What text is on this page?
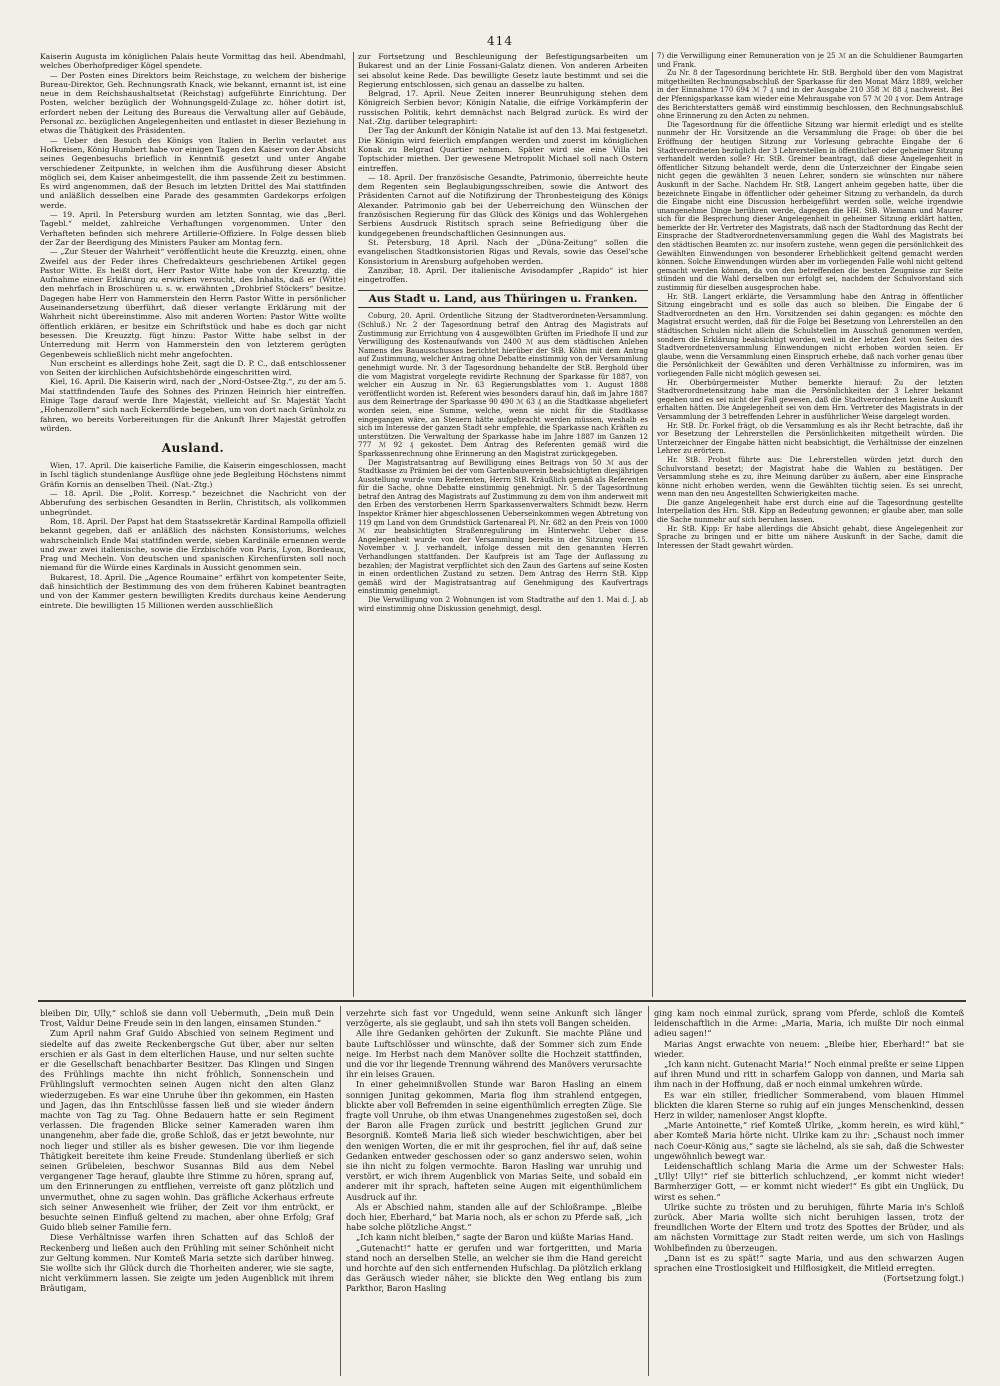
414

Kaiserin Augusta im königlichen Palais heute Vormittag das heil. Abendmahl, welches Oberhofprediger Kögel spendete.

— Der Posten eines Direktors beim Reichstage, zu welchem der bisherige Bureau-Direktor, Geh. Rechnungsrath Knack, wie bekannt, ernannt ist, ist eine neue in dem Reichshaushaltsetat (Reichstag) aufgeführte Einrichtung. Der Posten, welcher bezüglich der Wohnungsgeld-Zulage zc. höher dotirt ist, erfordert neben der Leitung des Bureaus die Verwaltung aller auf Gebäude, Personal zc. bezüglichen Angelegenheiten und entlastet in dieser Beziehung in etwas die Thätigkeit des Präsidenten.

— Ueber den Besuch des Königs von Italien in Berlin verlautet aus Hofkreisen, König Humbert habe vor einigen Tagen den Kaiser von der Absicht seines Gegenbesuchs brieflich in Kenntniß gesetzt und unter Angabe verschiedener Zeitpunkte, in welchen ihm die Ausführung dieser Absicht möglich sei, dem Kaiser anheimgestellt, die ihm passende Zeit zu bestimmen. Es wird angenommen, daß der Besuch im letzten Drittel des Mai stattfinden und anläßlich desselben eine Parade des gesammten Gardekorps erfolgen werde.

— 19. April. In Petersburg wurden am letzten Sonntag, wie das „Berl. Tagebl.“ meldet, zahlreiche Verhaftungen vorgenommen. Unter den Verhafteten befinden sich mehrere Artillerie-Offiziere. In Folge dessen blieb der Zar der Beerdigung des Ministers Pauker am Montag fern.

— „Zur Steuer der Wahrheit“ veröffentlicht heute die Kreuzztg. einen, ohne Zweifel aus der Feder ihres Chefredakteurs geschriebenen Artikel gegen Pastor Witte. Es heißt dort, Herr Pastor Witte habe von der Kreuzztg. die Aufnahme einer Erklärung zu erwirken versucht, des Inhalts, daß er (Witte) den mehrfach in Broschüren u. s. w. erwähnten „Drohbrief Stöckers“ besitze. Dagegen habe Herr von Hammerstein den Herrn Pastor Witte in persönlicher Auseinandersetzung überführt, daß dieser verlangte Erklärung mit der Wahrheit nicht übereinstimme. Also mit anderen Worten: Pastor Witte wollte öffentlich erklären, er besitze ein Schriftstück und habe es doch gar nicht besessen. Die Kreuzztg. fügt hinzu: Pastor Witte habe selbst in der Unterredung mit Herrn von Hammerstein den von letzterem gerügten Gegenbeweis schließlich nicht mehr angefochten.

Nun erscheint es allerdings hohe Zeit, sagt die D. P. C., daß entschlossener von Seiten der kirchlichen Aufsichtsbehörde eingeschritten wird.

Kiel, 16. April. Die Kaiserin wird, nach der „Nord-Ostsee-Ztg.“, zu der am 5. Mai stattfindenden Taufe des Sohnes des Prinzen Heinrich hier eintreffen. Einige Tage darauf werde Ihre Majestät, vielleicht auf Sr. Majestät Yacht „Hohenzollern“ sich nach Eckernförde begeben, um von dort nach Grünholz zu fahren, wo bereits Vorbereitungen für die Ankunft Ihrer Majestät getroffen würden.

Ausland.

Wien, 17. April. Die kaiserliche Familie, die Kaiserin eingeschlossen, macht in Ischl täglich stundenlange Ausflüge ohne jede Begleitung Höchstens nimmt Gräfin Kornis an denselben Theil. (Nat.-Ztg.)

— 18. April. Die „Polit. Korresp.“ bezeichnet die Nachricht von der Abberufung des serbischen Gesandten in Berlin, Christitsch, als vollkommen unbegründet.

Rom, 18. April. Der Papst hat dem Staatssekretär Kardinal Rampolla offiziell bekannt gegeben, daß er anläßlich des nächsten Konsistoriums, welches wahrscheinlich Ende Mai stattfinden werde, sieben Kardinäle ernennen werde und zwar zwei italienische, sowie die Erzbischöfe von Paris, Lyon, Bordeaux, Prag und Mecheln. Von deutschen und spanischen Kirchenfürsten soll noch niemand für die Würde eines Kardinals in Aussicht genommen sein.

Bukarest, 18. April. Die „Agence Roumaine“ erfährt von kompetenter Seite, daß hinsichtlich der Bestimmung des von dem früheren Kabinet beantragten und von der Kammer gestern bewilligten Kredits durchaus keine Aenderung eintrete. Die bewilligten 15 Millionen werden ausschließlich

zur Fortsetzung und Beschleunigung der Befestigungsarbeiten um Bukarest und an der Linie Fossani-Galatz dienen. Von anderen Arbeiten sei absolut keine Rede. Das bewilligte Gesetz laute bestimmt und sei die Regierung entschlossen, sich genau an dasselbe zu halten.

Belgrad, 17. April. Neue Zeiten innerer Beunruhigung stehen dem Königreich Serbien bevor; Königin Natalie, die eifrige Vorkämpferin der russischen Politik, kehrt demnächst nach Belgrad zurück. Es wird der Nat.-Ztg. darüber telegraphirt:

Der Tag der Ankunft der Königin Natalie ist auf den 13. Mai festgesetzt. Die Königin wird feierlich empfangen werden und zuerst im königlichen Konak zu Belgrad Quartier nehmen. Später wird sie eine Villa bei Toptschider miethen. Der gewesene Metropolit Michael soll nach Ostern eintreffen.

— 18. April. Der französische Gesandte, Patrimonio, überreichte heute dem Regenten sein Beglaubigungsschreiben, sowie die Antwort des Präsidenten Carnot auf die Notifizirung der Thronbesteigung des Königs Alexander. Patrimonio gab bei der Ueberreichung den Wünschen der französischen Regierung für das Glück des Königs und das Wohlergehen Serbiens Ausdruck Ristitsch sprach seine Befriedigung über die kundgegebenen freundschaftlichen Gesinnungen aus.

St. Petersburg, 18 April. Nach der „Düna-Zeitung“ sollen die evangelischen Stadtkonsistorien Rigas und Revals, sowie das Oesel'sche Konsistorium in Arensburg aufgehoben werden.

Zanzibar, 18. April. Der italienische Avisodampfer „Rapido“ ist hier eingetroffen.

Aus Stadt u. Land, aus Thüringen u. Franken.

Coburg, 20. April. Ordentliche Sitzung der Stadtverordneten-Versammlung. (Schluß.) Nr. 2 der Tagesordnung betraf den Antrag des Magistrats auf Zustimmung zur Errichtung von 4 ausgewölbten Grüften im Friedhofe II und zur Verwilligung des Kostenaufwands von 2400 ℳ aus dem städtischen Anlehen Namens des Bauausschusses berichtet hierüber der StB. Köhn mit dem Antrag auf Zustimmung, welcher Antrag ohne Debatte einstimmig von der Versammlung genehmigt wurde. Nr. 3 der Tagesordnung behandelte der StB. Berghold über die vom Magistrat vorgelegte revidirte Rechnung der Sparkasse für 1887, von welcher ein Auszug in Nr. 63 Regierungsblattes vom 1. August 1888 veröffentlicht worden ist. Referent wies besonders darauf hin, daß im Jahre 1887 aus dem Reinertrage der Sparkasse 90 490 ℳ 63 ₰ an die Stadtkasse abgeliefert worden seien, eine Summe, welche, wenn sie nicht für die Stadtkasse eingegangen wäre, an Steuern hätte aufgebracht werden müssen, weshalb es sich im Interesse der ganzen Stadt sehr empfehle, die Sparkasse nach Kräften zu unterstützen. Die Verwaltung der Sparkasse habe im Jahre 1887 im Ganzen 12 777 ℳ 92 ₰ gekostet. Dem Antrag des Referenten gemäß wird die Sparkassenrechnung ohne Erinnerung an den Magistrat zurückgegeben.

Der Magistratsantrag auf Bewilligung eines Beitrags von 50 ℳ aus der Stadtkasse zu Prämien bei der vom Gartenbauverein beabsichtigten diesjährigen Ausstellung wurde vom Referenten, Herrn StB. Kräußlich gemäß als Referenten für die Sache, ohne Debatte einstimmig genehmigt. Nr. 5 der Tagesordnung betraf den Antrag des Magistrats auf Zustimmung zu dem von ihm anderweit mit den Erben des verstorbenen Herrn Sparkassenverwalters Schmidt bezw. Herrn Inspektor Krämer hier abgeschlossenen Ueberseinkommen wegen Abtretung von 119 qm Land von dem Grundstück Gartenareal Pl. Nr. 682 an den Preis von 1000 ℳ zur beabsichtigten Straßenregulirung im Hinterwehr. Ueber diese Angelegenheit wurde von der Versammlung bereits in der Sitzung vom 15. November v. J. verhandelt, infolge dessen mit den genannten Herren Verhandlungen stattfanden. Der Kaufpreis ist am Tage der Auflassung zu bezahlen; der Magistrat verpflichtet sich den Zaun des Gartens auf seine Kosten in einen ordentlichen Zustand zu setzen. Dem Antrag des Herrn StB. Kipp gemäß wird der Magistratsantrag auf Genehmigung des Kaufvertrags einstimmig genehmigt.

Die Verwilligung von 2 Wohnungen ist vom Stadtrathe auf den 1. Mai d. J. ab wird einstimmig ohne Diskussion genehmigt, desgl.

7) die Verwilligung einer Remuneration von je 25 ℳ an die Schuldiener Baumgarten und Frank.

Zu Nr. 8 der Tagesordnung berichtete Hr. StB. Berghold über den vom Magistrat mitgetheilten Rechnungsabschluß der Sparkasse für den Monat März 1889, welcher in der Einnahme 170 694 ℳ 7 ₰ und in der Ausgabe 210 358 ℳ 88 ₰ nachweist. Bei der Pfennigsparkasse kam wieder eine Mehrausgabe von 57 ℳ 20 ₰ vor. Dem Antrage des Berichterstatters gemäß wird einstimmig beschlossen, den Rechnungsabschluß ohne Erinnerung zu den Acten zu nehmen.

Die Tagesordnung für die öffentliche Sitzung war hiermit erledigt und es stellte nunmehr der Hr. Vorsitzende an die Versammlung die Frage: ob über die bei Eröffnung der heutigen Sitzung zur Vorlesung gebrachte Eingabe der 6 Stadtverordneten bezüglich der 3 Lehrerstellen in öffentlicher oder geheimer Sitzung verhandelt werden solle? Hr. StB. Greiner beantragt, daß diese Angelegenheit in öffentlicher Sitzung behandelt werde, denn die Unterzeichner der Eingabe seien nicht gegen die gewählten 3 neuen Lehrer, sondern sie wünschten nur nähere Auskunft in der Sache. Nachdem Hr. StB. Langert anheim gegeben hatte, über die bezeichnete Eingabe in öffentlicher oder geheimer Sitzung zu verhandeln, da durch die Eingabe nicht eine Discussion herbeigeführt werden solle, welche irgendwie unangenehme Dinge berühren werde, dagegen die HH. StB. Wiemann und Maurer sich für die Besprechung dieser Angelegenheit in geheimer Sitzung erklärt hatten, bemerkte der Hr. Vertreter des Magistrats, daß nach der Stadtordnung das Recht der Einsprache der Stadtverordnetenversammlung gegen die Wahl des Magistrats bei den städtischen Beamten zc. nur insofern zustehe, wenn gegen die persönlichkeit des Gewählten Einwendungen von besonderer Erheblichkeit geltend gemacht werden können. Solche Einwendungen würden aber im vorliegenden Falle wohl nicht geltend gemacht werden können, da von den betreffenden die besten Zeugnisse zur Seite stünden und die Wahl derselben nur erfolgt sei, nachdem der Schulvorstand sich zustimmig für dieselben ausgesprochen habe.

Hr. StB. Langert erklärte, die Versammlung habe den Antrag in öffentlicher Sitzung eingebracht und es solle das auch so bleiben. Die Eingabe der 6 Stadtverordneten an den Hrn. Vorsitzenden sei dahin gegangen: es möchte den Magistrat ersucht werden, daß für die Folge bei Besetzung von Lehrerstellen an den städtischen Schulen nicht allein die Schulstellen im Ausschuß genommen werden, sondern die Erklärung beabsichtigt worden, weil in der letzten Zeit von Seiten des Stadtverordnetenversammlung Einwendungen nicht erhoben worden seien. Er glaube, wenn die Versammlung einen Einspruch erhebe, daß nach vorher genau über die Persönlichkeit der Gewählten und deren Verhältnisse zu informiren, was im vorliegenden Falle nicht möglich gewesen sei.

Hr. Oberbürgermeister Muther bemerkte hierauf: Zu der letzten Stadtverordnetensitzung habe man die Persönlichkeiten der 3 Lehrer bekannt gegeben und es sei nicht der Fall gewesen, daß die Stadtverordneten keine Auskunft erhalten hätten. Die Angelegenheit sei von dem Hrn. Vertreter des Magistrats in der Versammlung der 3 betreffenden Lehrer in ausführlicher Weise dargelegt worden.

Hr. StB. Dr. Forkel frägt, ob die Versammlung es als ihr Recht betrachte, daß ihr vor Besetzung der Lehrerstellen die Persönlichkeiten mitgetheilt würden. Die Unterzeichner der Eingabe hätten nicht beabsichtigt, die Verhältnisse der einzelnen Lehrer zu erörtern.

Hr. StB. Probst führte aus: Die Lehrerstellen würden jetzt durch den Schulvorstand besetzt; der Magistrat habe die Wahlen zu bestätigen. Der Versammlung stehe es zu, ihre Meinung darüber zu äußern, aber eine Einsprache könne nicht erhoben werden, wenn die Gewählten tüchtig seien. Es sei unrecht, wenn man den neu Angestellten Schwierigkeiten mache.

Die ganze Angelegenheit habe erst durch eine auf die Tagesordnung gestellte Interpellation des Hrn. StB. Kipp an Bedeutung gewonnen; er glaube aber, man solle die Sache nunmehr auf sich beruhen lassen.

Hr. StB. Kipp: Er habe allerdings die Absicht gehabt, diese Angelegenheit zur Sprache zu bringen und er bitte um nähere Auskunft in der Sache, damit die Interessen der Stadt gewahrt würden.

bleiben Dir, Ully,“ schloß sie dann voll Uebermuth, „Dein muß Dein Trost, Valdur Deine Freude sein in den langen, einsamen Stunden.“

Zum April nahm Graf Guido Abschied von seinem Regiment und siedelte auf das zweite Reckenbergsche Gut über, aber nur selten erschien er als Gast in dem elterlichen Hause, und nur selten suchte er die Gesellschaft benachbarter Besitzer. Das Klingen und Singen des Frühlings machte ihn nicht fröhlich, Sonnenschein und Frühlingsluft vermochten seinen Augen nicht den alten Glanz wiederzugeben. Es war eine Unruhe über ihn gekommen, ein Hasten und Jagen, das ihn Entschlüsse fassen ließ und sie wieder ändern machte von Tag zu Tag. Ohne Bedauern hatte er sein Regiment verlassen. Die fragenden Blicke seiner Kameraden waren ihm unangenehm, aber fade die, große Schloß, das er jetzt bewohnte, nur noch lieger und stiller als es bisher gewesen. Die vor ihm liegende Thätigkeit bereitete ihm keine Freude. Stundenlang überließ er sich seinen Grübeleien, beschwor Susannas Bild aus dem Nebel vergangener Tage herauf, glaubte ihre Stimme zu hören, sprang auf, um den Erinnerungen zu entfliehen, verreiste oft ganz plötzlich und unvermuthet, ohne zu sagen wohin. Das gräfliche Ackerhaus erfreute sich seiner Anwesenheit wie früher, der Zeit vor ihm entrückt, er besuchte seinen Einfluß geltend zu machen, aber ohne Erfolg; Graf Guido blieb seiner Familie fern.

Diese Verhältnisse warfen ihren Schatten auf das Schloß der Reckenberg und ließen auch den Frühling mit seiner Schönheit nicht zur Geltung kommen. Nur Komteß Maria setzte sich darüber hinweg. Sie wollte sich ihr Glück durch die Thorheiten anderer, wie sie sagte, nicht verkümmern lassen. Sie zeigte um jeden Augenblick mit ihrem Bräutigam,

verzehrte sich fast vor Ungeduld, wenn seine Ankunft sich länger verzögerte, als sie geglaubt, und sah ihn stets voll Bangen scheiden.

Alle ihre Gedanken gehörten der Zukunft. Sie machte Pläne und baute Luftschlösser und wünschte, daß der Sommer sich zum Ende neige. Im Herbst nach dem Manöver sollte die Hochzeit stattfinden, und die vor ihr liegende Trennung während des Manövers verursachte ihr ein leises Grauen.

In einer geheimnißvollen Stunde war Baron Hasling an einem sonnigen Junitag gekommen, Maria flog ihm strahlend entgegen, blickte aber voll Befremden in seine eigenthümlich erregten Züge. Sie fragte voll Unruhe, ob ihm etwas Unangenehmes zugestoßen sei, doch der Baron alle Fragen zurück und bestritt jeglichen Grund zur Besorgniß. Komteß Maria ließ sich wieder beschwichtigen, aber bei den wenigen Worten, die er mit ihr gesprochen, fiel ihr auf, daß seine Gedanken entweder geschossen oder so ganz anderswo seien, wohin sie ihn nicht zu folgen vermochte. Baron Hasling war unruhig und verstört, er wich ihrem Augenblick von Marias Seite, und sobald ein anderer mit ihr sprach, hafteten seine Augen mit eigenthümlichem Ausdruck auf ihr.

Als er Abschied nahm, standen alle auf der Schloßrampe. „Bleibe doch hier, Eberhard,“ bat Maria noch, als er schon zu Pferde saß, „ich habe solche plötzliche Angst.“

„Ich kann nicht bleiben,“ sagte der Baron und küßte Marias Hand.

„Gutenacht!“ hatte er gerufen und war fortgeritten, und Maria stand noch an derselben Stelle, an welcher sie ihm die Hand gereicht und horchte auf den sich entfernenden Hufschlag. Da plötzlich erklang das Geräusch wieder näher, sie blickte den Weg entlang bis zum Parkthor, Baron Hasling

ging kam noch einmal zurück, sprang vom Pferde, schloß die Komteß leidenschaftlich in die Arme: „Maria, Maria, ich mußte Dir noch einmal adieu sagen!“

Marias Angst erwachte von neuem: „Bleibe hier, Eberhard!“ bat sie wieder.

„Ich kann nicht. Gutenacht Maria!“ Noch einmal preßte er seine Lippen auf ihren Mund und ritt in scharfem Galopp von dannen, und Maria sah ihm nach in der Hoffnung, daß er noch einmal umkehren würde.

Es war ein stiller, friedlicher Sommerabend, vom blauen Himmel blickten die klaren Sterne so ruhig auf ein junges Menschenkind, dessen Herz in wilder, namenloser Angst klopfte.

„Marie Antoinette,“ rief Komteß Ulrike, „komm herein, es wird kühl,“ aber Komteß Maria hörte nicht. Ulrike kam zu ihr: „Schaust noch immer nach Coeur-König aus,“ sagte sie lächelnd, als sie sah, daß die Schwester ungewöhnlich bewegt war.

Leidenschaftlich schlang Maria die Arme um der Schwester Hals: „Ully! Ully!“ rief sie bitterlich schluchzend, „er kommt nicht wieder! Barmherziger Gott, — er kommt nicht wieder!“ Es gibt ein Unglück, Du wirst es sehen.“

Ulrike suchte zu trösten und zu beruhigen, führte Maria in's Schloß zurück. Aber Maria wollte sich nicht beruhigen lassen, trotz der freundlichen Worte der Eltern und trotz des Spottes der Brüder, und als am nächsten Vormittage zur Stadt reiten werde, um sich von Haslings Wohlbefinden zu überzeugen.

„Dann ist es zu spät!“ sagte Maria, und aus den schwarzen Augen sprachen eine Trostlosigkeit und Hilflosigkeit, die Mitleid erregten.

(Fortsetzung folgt.)
